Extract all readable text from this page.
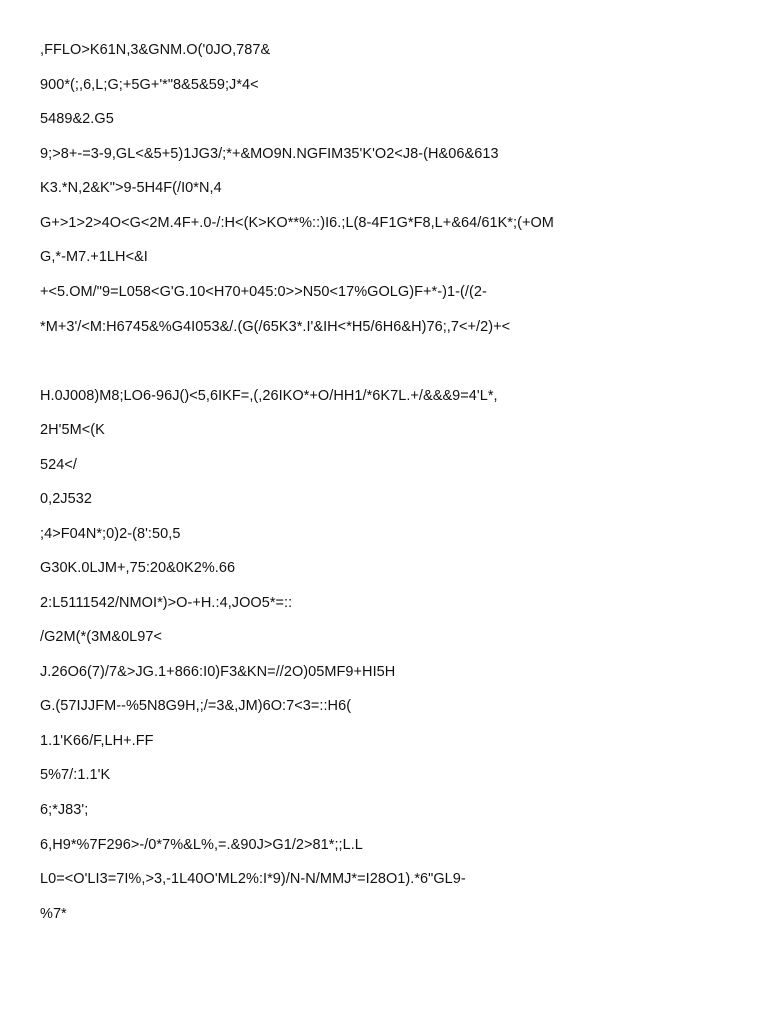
,FFLO>K61N,3&GNM.O('0JO,787&

900*(;,6,L;G;+5G+'*"8&5&59;J*4<

5489&2.G5

9;>8+-=3-9,GL<&5+5)1JG3/;*+&MO9N.NGFIM35'K'O2<J8-(H&06&613

K3.*N,2&K">9-5H4F(/I0*N,4

G+>1>2>4O<G<2M.4F+.0-/:H<(K>KO**%::)I6.;L(8-4F1G*F8,L+&64/61K*;(+OM

G,*-M7.+1LH<&I

+<5.OM/"9=L058<G'G.10<H70+045:0>>N50<17%GOLG)F+*-)1-(/(2-

*M+3'/<M:H6745&%G4I053&/.(G(/65K3*.I'&IH<*H5/6H6&H)76;,7<+/2)+<

H.0J008)M8;LO6-96J()<5,6IKF=,(,26IKO*+O/HH1/*6K7L.+/&&&9=4'L*,

2H'5M<(K

524</

0,2J532

;4>F04N*;0)2-(8':50,5

G30K.0LJM+,75:20&0K2%.66

2:L5111542/NMOI*)>O-+H.:4,JOO5*=::

/G2M(*(3M&0L97<

J.26O6(7)/7&>JG.1+866:I0)F3&KN=//2O)05MF9+HI5H

G.(57IJJFM--%5N8G9H,;/=3&,JM)6O:7<3=::H6(

1.1'K66/F,LH+.FF

5%7/:1.1'K

6;*J83';

6,H9*%7F296>-/0*7%&L%,=.&90J>G1/2>81*;;L.L

L0=<O'LI3=7I%,>3,-1L40O'ML2%:I*9)/N-N/MMJ*=I28O1).*6"GL9-

%7*
